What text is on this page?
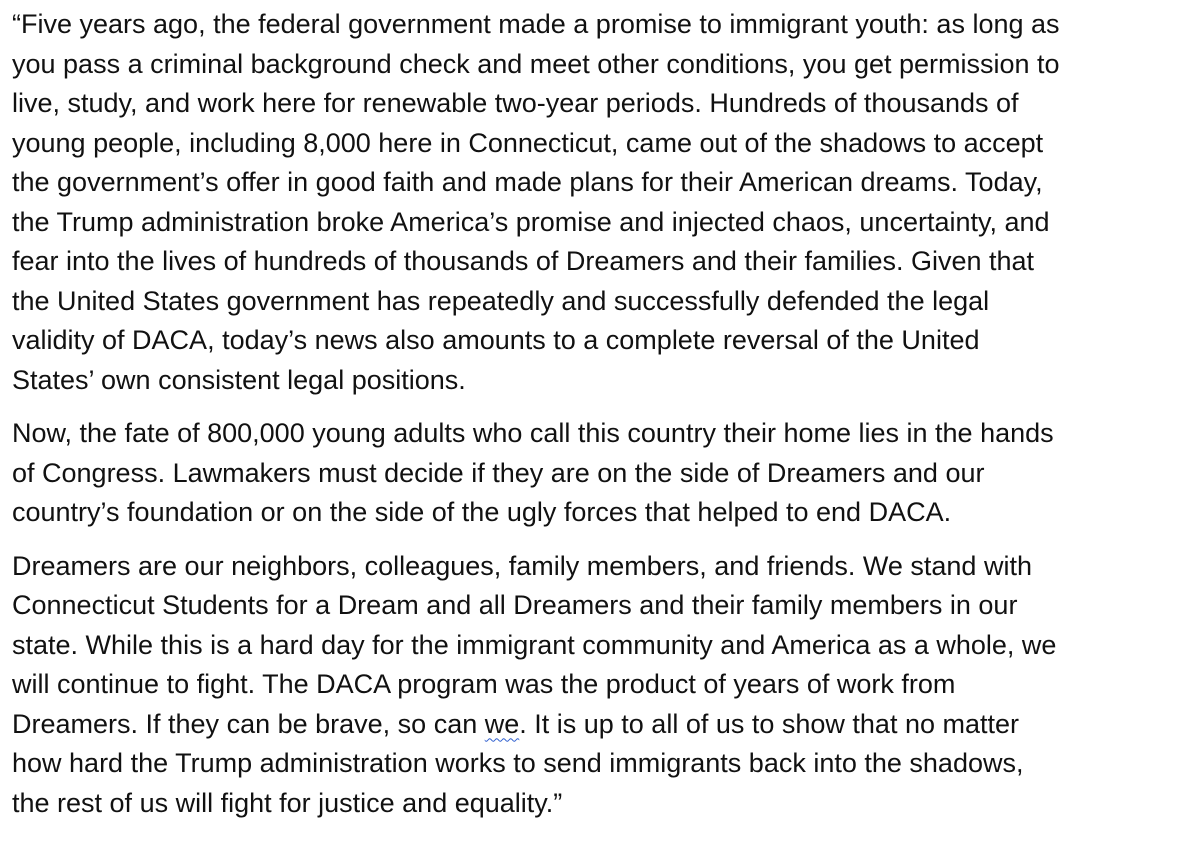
“Five years ago, the federal government made a promise to immigrant youth: as long as
you pass a criminal background check and meet other conditions, you get permission to
live, study, and work here for renewable two-year periods. Hundreds of thousands of
young people, including 8,000 here in Connecticut, came out of the shadows to accept
the government’s offer in good faith and made plans for their American dreams. Today,
the Trump administration broke America’s promise and injected chaos, uncertainty, and
fear into the lives of hundreds of thousands of Dreamers and their families. Given that
the United States government has repeatedly and successfully defended the legal
validity of DACA, today’s news also amounts to a complete reversal of the United
States’ own consistent legal positions.

Now, the fate of 800,000 young adults who call this country their home lies in the hands
of Congress. Lawmakers must decide if they are on the side of Dreamers and our
country’s foundation or on the side of the ugly forces that helped to end DACA.

Dreamers are our neighbors, colleagues, family members, and friends. We stand with
Connecticut Students for a Dream and all Dreamers and their family members in our
state. While this is a hard day for the immigrant community and America as a whole, we
will continue to fight. The DACA program was the product of years of work from
Dreamers. If they can be brave, so can we. It is up to all of us to show that no matter
how hard the Trump administration works to send immigrants back into the shadows,
the rest of us will fight for justice and equality.”
